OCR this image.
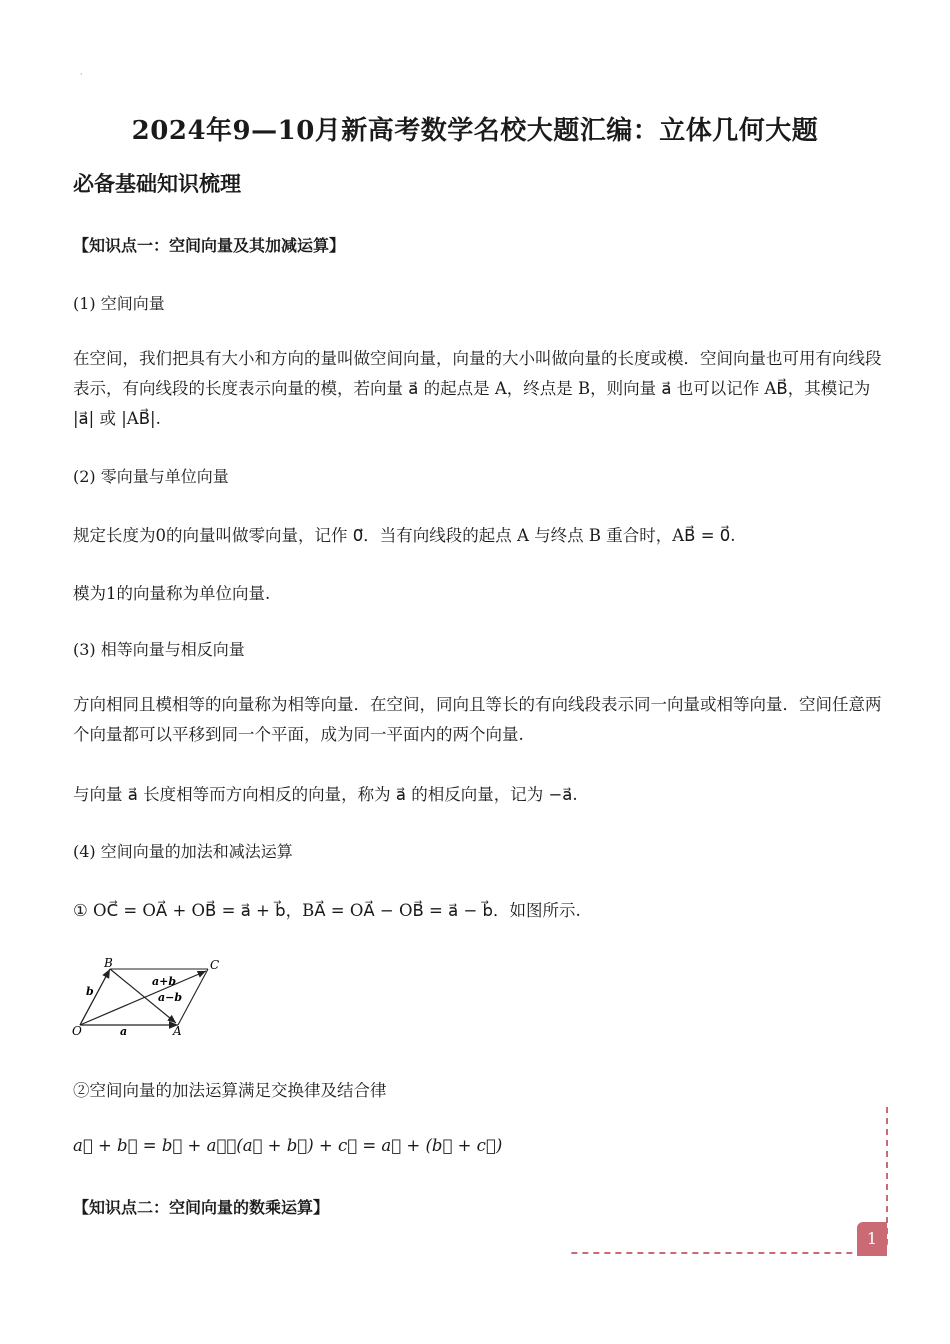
·
2024年9—10月新高考数学名校大题汇编：立体几何大题
必备基础知识梳理
【知识点一：空间向量及其加减运算】
(1) 空间向量
在空间，我们把具有大小和方向的量叫做空间向量，向量的大小叫做向量的长度或模．空间向量也可用有向线段表示，有向线段的长度表示向量的模，若向量 a⃗ 的起点是 A，终点是 B，则向量 a⃗ 也可以记作 AB⃗，其模记为 |a⃗| 或 |AB⃗|.
(2) 零向量与单位向量
规定长度为0的向量叫做零向量，记作 0⃗．当有向线段的起点 A 与终点 B 重合时，AB⃗ = 0⃗.
模为1的向量称为单位向量.
(3) 相等向量与相反向量
方向相同且模相等的向量称为相等向量．在空间，同向且等长的有向线段表示同一向量或相等向量．空间任意两个向量都可以平移到同一个平面，成为同一平面内的两个向量.
与向量 a⃗ 长度相等而方向相反的向量，称为 a⃗ 的相反向量，记为 −a⃗.
(4) 空间向量的加法和减法运算
① OC⃗ = OA⃗ + OB⃗ = a⃗ + b⃗，BA⃗ = OA⃗ − OB⃗ = a⃗ − b⃗．如图所示.
B	C
O	A
a
b
a+b
a−b
②空间向量的加法运算满足交换律及结合律
a⃗ + b⃗ = b⃗ + a⃗，(a⃗ + b⃗) + c⃗ = a⃗ + (b⃗ + c⃗)
【知识点二：空间向量的数乘运算】
1
